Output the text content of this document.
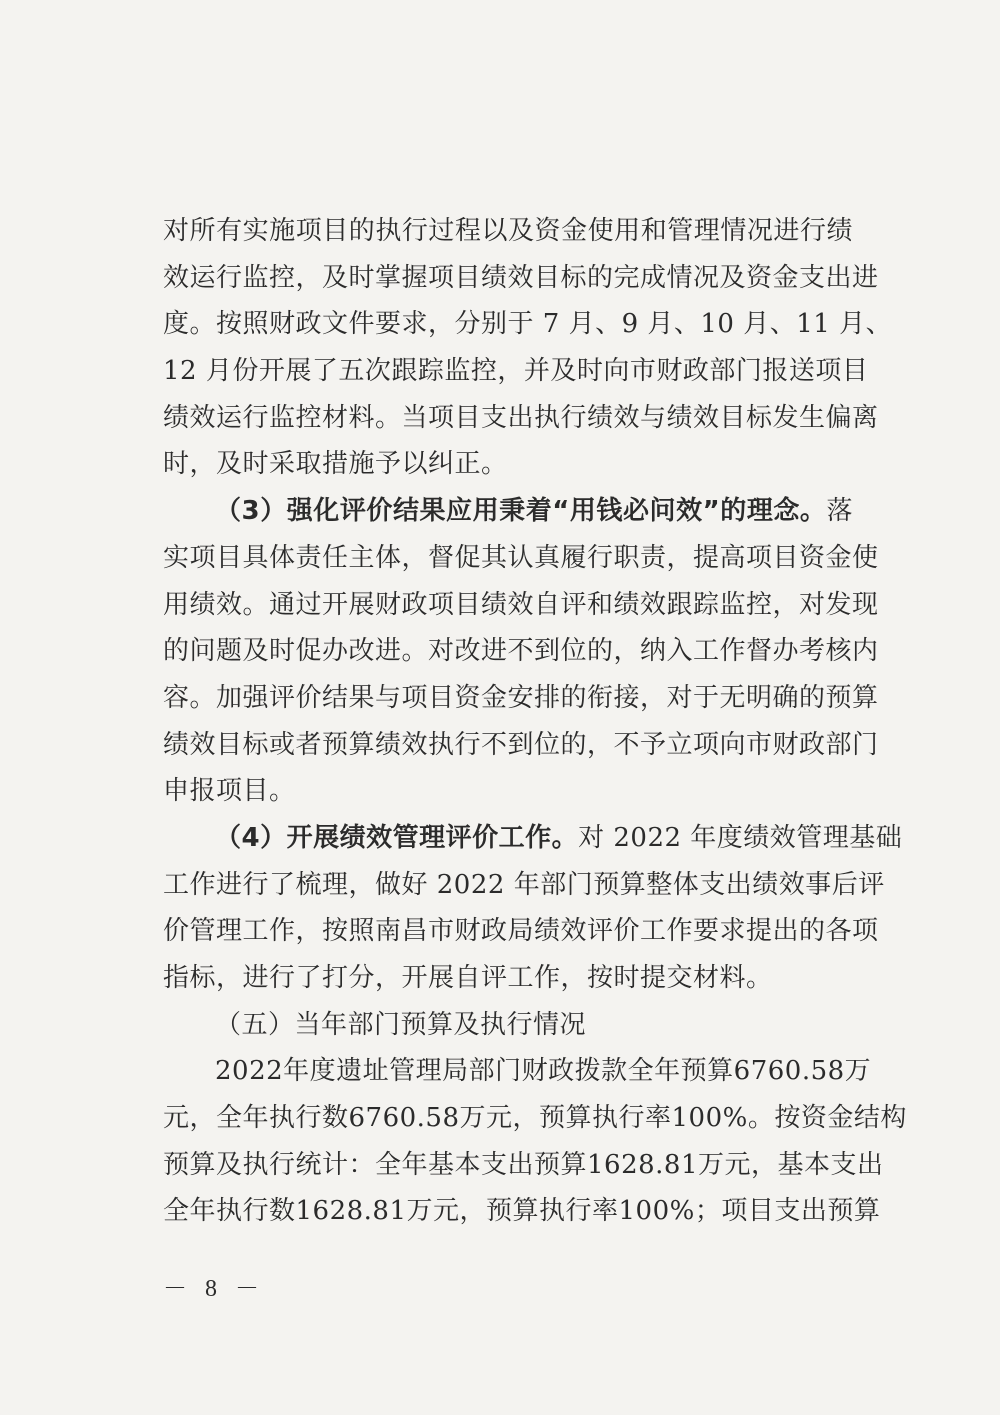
对所有实施项目的执行过程以及资金使用和管理情况进行绩
效运行监控，及时掌握项目绩效目标的完成情况及资金支出进
度。按照财政文件要求，分别于 7 月、9 月、10 月、11 月、
12 月份开展了五次跟踪监控，并及时向市财政部门报送项目
绩效运行监控材料。当项目支出执行绩效与绩效目标发生偏离
时，及时采取措施予以纠正。
（3）强化评价结果应用秉着“用钱必问效”的理念。落
实项目具体责任主体，督促其认真履行职责，提高项目资金使
用绩效。通过开展财政项目绩效自评和绩效跟踪监控，对发现
的问题及时促办改进。对改进不到位的，纳入工作督办考核内
容。加强评价结果与项目资金安排的衔接，对于无明确的预算
绩效目标或者预算绩效执行不到位的，不予立项向市财政部门
申报项目。
（4）开展绩效管理评价工作。对 2022 年度绩效管理基础
工作进行了梳理，做好 2022 年部门预算整体支出绩效事后评
价管理工作，按照南昌市财政局绩效评价工作要求提出的各项
指标，进行了打分，开展自评工作，按时提交材料。
（五）当年部门预算及执行情况
2022年度遗址管理局部门财政拨款全年预算6760.58万
元，全年执行数6760.58万元，预算执行率100%。按资金结构
预算及执行统计：全年基本支出预算1628.81万元，基本支出
全年执行数1628.81万元，预算执行率100%；项目支出预算
－ 8 －
